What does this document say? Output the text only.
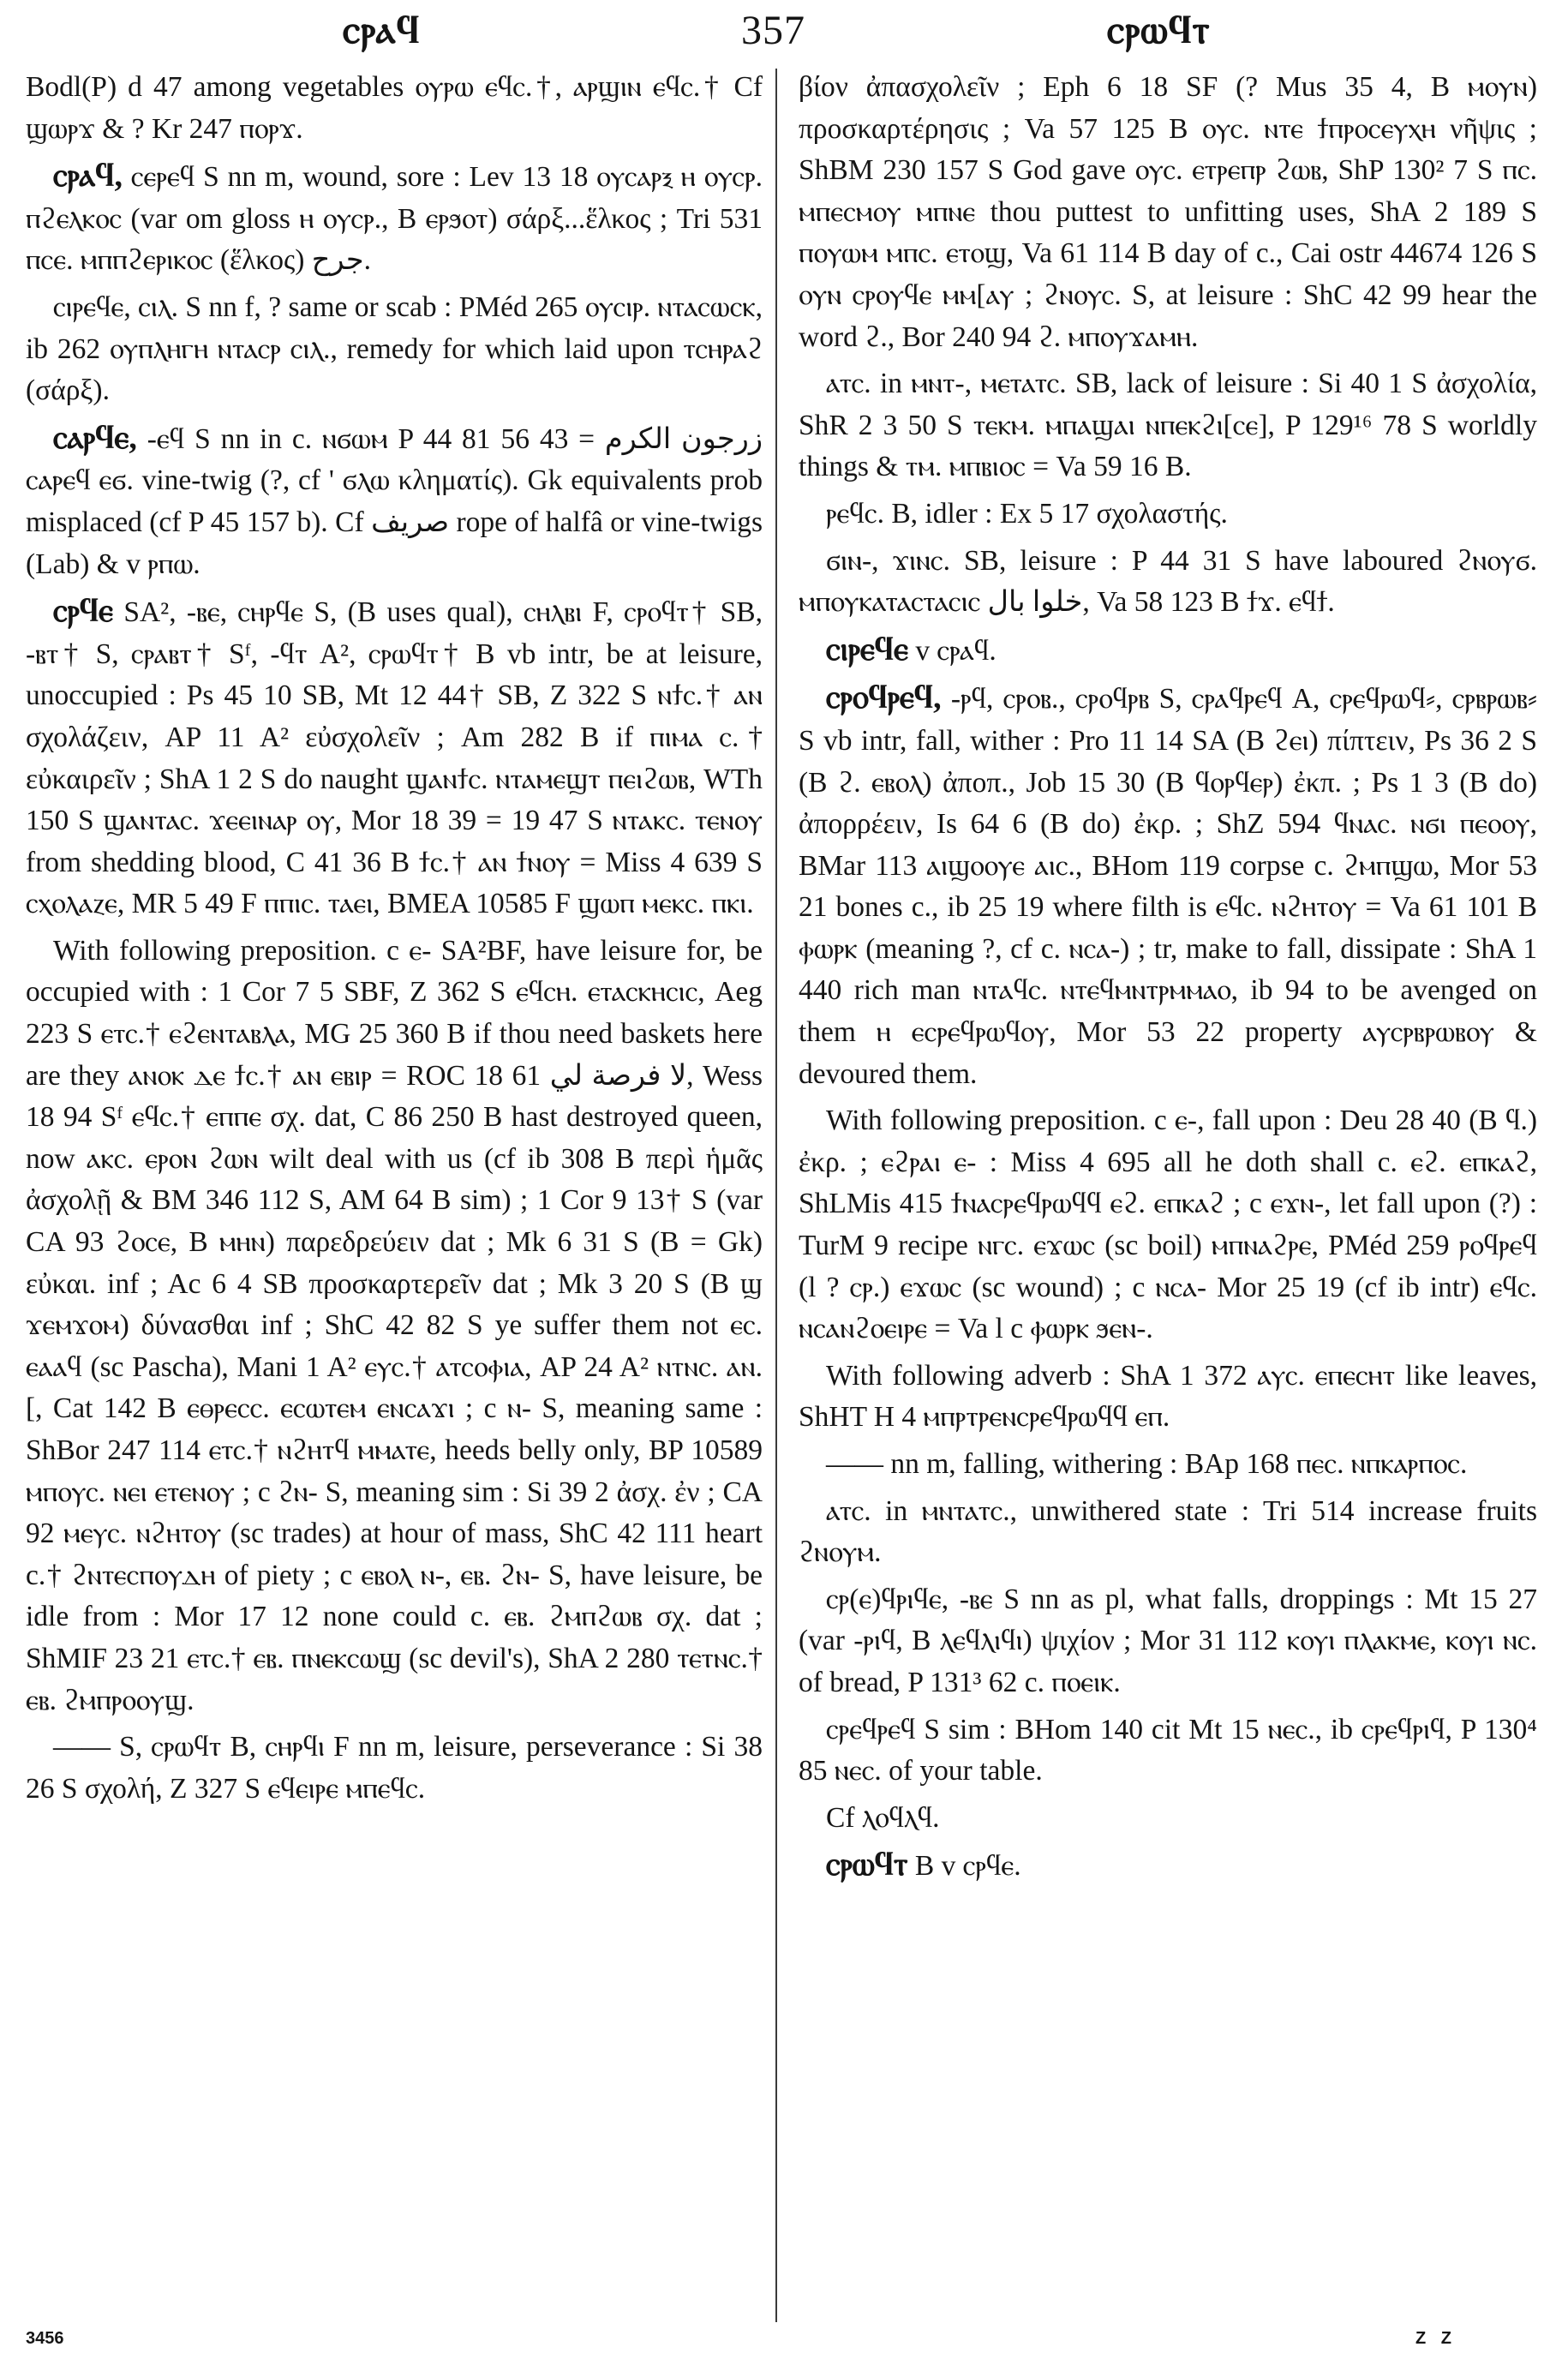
ⲥⲣⲁϥ	357	ⲥⲣⲱϥⲧ

Bodl(P) d 47 among vegetables ⲟⲩⲣⲱ ⲉϥⲥ.†, ⲁⲣϣⲓⲛ ⲉϥⲥ.† Cf ϣⲱⲣϫ & ? Kr 247 ⲡⲟⲣϫ.

ⲥⲣⲁϥ, ⲥⲉⲣⲉϥ S nn m, wound, sore : Lev 13 18 ⲟⲩⲥⲁⲣⲝ ⲏ ⲟⲩⲥⲣ. ⲡϩⲉⲗⲕⲟⲥ (var om gloss ⲏ ⲟⲩⲥⲣ., B ⲉⲣϧⲟⲧ) σάρξ...ἕλκος ; Tri 531 ⲡⲥⲉ. ⲙⲡⲡϩⲉⲣⲓⲕⲟⲥ (ἕλκος) جرح.

ⲥⲓⲣⲉϥⲉ, ⲥⲓⲗ. S nn f, ? same or scab : PMéd 265 ⲟⲩⲥⲓⲣ. ⲛⲧⲁⲥⲱⲥⲕ, ib 262 ⲟⲩⲡⲗⲏⲅⲏ ⲛⲧⲁⲥⲣ ⲥⲓⲗ., remedy for which laid upon ⲧⲥⲏⲣⲁϩ (σάρξ).

ⲥⲁⲣϥⲉ, -ⲉϥ S nn in c. ⲛϭⲱⲙ P 44 81 زرجون الكرم = 43 56 ⲥⲁⲣⲉϥ ⲉϭ. vine-twig (?, cf ' ϭⲗⲱ κληματίς). Gk equivalents prob misplaced (cf P 45 157 b). Cf صريف rope of halfâ or vine-twigs (Lab) & v ⲣⲡⲱ.

ⲥⲣϥⲉ SA², -ⲃⲉ, ⲥⲏⲣϥⲉ S, (B uses qual), ⲥⲏⲗⲃⲓ F, ⲥⲣⲟϥⲧ† SB, -ⲃⲧ† S, ⲥⲣⲁⲃⲧ† Sᶠ, -ϥⲧ A², ⲥⲣⲱϥⲧ† B vb intr, be at leisure, unoccupied : Ps 45 10 SB, Mt 12 44† SB, Z 322 S ⲛϯⲥ.† ⲁⲛ σχολάζειν, AP 11 A² εὐσχολεῖν ; Am 282 B if ⲡⲓⲙⲁ ⲥ.† εὐκαιρεῖν ; ShA 1 2 S do naught ϣⲁⲛϯⲥ. ⲛⲧⲁⲙⲉϣⲧ ⲡⲉⲓϩⲱⲃ, WTh 150 S ϣⲁⲛⲧⲁⲥ. ϫⲉⲉⲓⲛⲁⲣ ⲟⲩ, Mor 18 39 = 19 47 S ⲛⲧⲁⲕⲥ. ⲧⲉⲛⲟⲩ from shedding blood, C 41 36 B ϯⲥ.† ⲁⲛ ϯⲛⲟⲩ = Miss 4 639 S ⲥⲭⲟⲗⲁⲍⲉ, MR 5 49 F ⲡⲡⲓⲥ. ⲧⲁⲉⲓ, BMEA 10585 F ϣⲱⲡ ⲙⲉⲕⲥ. ⲡⲕⲓ.

With following preposition. c ⲉ- SA²BF, have leisure for, be occupied with : 1 Cor 7 5 SBF, Z 362 S ⲉϥⲥⲏ. ⲉⲧⲁⲥⲕⲏⲥⲓⲥ, Aeg 223 S ⲉⲧⲥ.† ⲉϩⲉⲛⲧⲁⲃⲗⲁ, MG 25 360 B if thou need baskets here are they ⲁⲛⲟⲕ ⲇⲉ ϯⲥ.† ⲁⲛ ⲉⲃⲓⲣ = ROC 18 61 لا فرصة لي, Wess 18 94 Sᶠ ⲉϥⲥ.† ⲉⲡⲡⲉ σχ. dat, C 86 250 B hast destroyed queen, now ⲁⲕⲥ. ⲉⲣⲟⲛ ϩⲱⲛ wilt deal with us (cf ib 308 B περὶ ἡμᾶς ἀσχολῇ & BM 346 112 S, AM 64 B sim) ; 1 Cor 9 13† S (var CA 93 ϩⲟⲥⲉ, B ⲙⲏⲛ) παρεδρεύειν dat ; Mk 6 31 S (B = Gk) εὐκαι. inf ; Ac 6 4 SB προσκαρτερεῖν dat ; Mk 3 20 S (B ϣ ϫⲉⲙϫⲟⲙ) δύνασθαι inf ; ShC 42 82 S ye suffer them not ⲉⲥ. ⲉⲁⲁϥ (sc Pascha), Mani 1 A² ⲉⲩⲥ.† ⲁⲧⲥⲟⲫⲓⲁ, AP 24 A² ⲛⲧⲛⲥ. ⲁⲛ.[, Cat 142 B ⲉⲑⲣⲉⲥⲥ. ⲉⲥⲱⲧⲉⲙ ⲉⲛⲥⲁϫⲓ ; c ⲛ- S, meaning same : ShBor 247 114 ⲉⲧⲥ.† ⲛϩⲏⲧϥ ⲙⲙⲁⲧⲉ, heeds belly only, BP 10589 ⲙⲡⲟⲩⲥ. ⲛⲉⲓ ⲉⲧⲉⲛⲟⲩ ; c ϩⲛ- S, meaning sim : Si 39 2 ἀσχ. ἐν ; CA 92 ⲙⲉⲩⲥ. ⲛϩⲏⲧⲟⲩ (sc trades) at hour of mass, ShC 42 111 heart c.† ϩⲛⲧⲉⲥⲡⲟⲩⲇⲏ of piety ; c ⲉⲃⲟⲗ ⲛ-, ⲉⲃ. ϩⲛ- S, have leisure, be idle from : Mor 17 12 none could c. ⲉⲃ. ϩⲙⲡϩⲱⲃ σχ. dat ; ShMIF 23 21 ⲉⲧⲥ.† ⲉⲃ. ⲡⲛⲉⲕⲥⲱϣ (sc devil's), ShA 2 280 ⲧⲉⲧⲛⲥ.† ⲉⲃ. ϩⲙⲡⲣⲟⲟⲩϣ.

—— S, ⲥⲣⲱϥⲧ B, ⲥⲏⲣϥⲓ F nn m, leisure, perseverance : Si 38 26 S σχολή, Z 327 S ⲉϥⲉⲓⲣⲉ ⲙⲡⲉϥⲥ.

βίον ἀπασχολεῖν ; Eph 6 18 SF (? Mus 35 4, B ⲙⲟⲩⲛ) προσκαρτέρησις ; Va 57 125 B ⲟⲩⲥ. ⲛⲧⲉ ϯⲡⲣⲟⲥⲉⲩⲭⲏ νῆψις ; ShBM 230 157 S God gave ⲟⲩⲥ. ⲉⲧⲣⲉⲡⲣ ϩⲱⲃ, ShP 130² 7 S ⲡⲥ. ⲙⲡⲉⲥⲙⲟⲩ ⲙⲡⲛⲉ thou puttest to unfitting uses, ShA 2 189 S ⲡⲟⲩⲱⲙ ⲙⲡⲥ. ⲉⲧⲟϣ, Va 61 114 B day of c., Cai ostr 44674 126 S ⲟⲩⲛ ⲥⲣⲟⲩϥⲉ ⲙⲙ[ⲁⲩ ; ϩⲛⲟⲩⲥ. S, at leisure : ShC 42 99 hear the word ϩ., Bor 240 94 ϩ. ⲙⲡⲟⲩϫⲁⲙⲏ.

ⲁⲧⲥ. in ⲙⲛⲧ-, ⲙⲉⲧⲁⲧⲥ. SB, lack of leisure : Si 40 1 S ἀσχολία, ShR 2 3 50 S ⲧⲉⲕⲙ. ⲙⲡⲁϣⲁⲓ ⲛⲡⲉⲕϩⲓ[ⲥⲉ], P 129¹⁶ 78 S worldly things & ⲧⲙ. ⲙⲡⲃⲓⲟⲥ = Va 59 16 B.

ⲣⲉϥⲥ. B, idler : Ex 5 17 σχολαστής.

ϭⲓⲛ-, ϫⲓⲛⲥ. SB, leisure : P 44 31 S have laboured ϩⲛⲟⲩϭ. ⲙⲡⲟⲩⲕⲁⲧⲁⲥⲧⲁⲥⲓⲥ خلوا بال, Va 58 123 B ϯϫ. ⲉϥϯ.

ⲥⲓⲣⲉϥⲉ v ⲥⲣⲁϥ.

ⲥⲣⲟϥⲣⲉϥ, -ⲣϥ, ⲥⲣⲟⲃ., ⲥⲣⲟϥⲣⲃ S, ⲥⲣⲁϥⲣⲉϥ A, ⲥⲣⲉϥⲣⲱϥ⸗, ⲥⲣⲃⲣⲱⲃ⸗ S vb intr, fall, wither : Pro 11 14 SA (B ϩⲉⲓ) πίπτειν, Ps 36 2 S (B ϩ. ⲉⲃⲟⲗ) ἀποπ., Job 15 30 (B ϥⲟⲣϥⲉⲣ) ἐκπ. ; Ps 1 3 (B do) ἀπορρέειν, Is 64 6 (B do) ἐκρ. ; ShZ 594 ϥⲛⲁⲥ. ⲛϭⲓ ⲡⲉⲟⲟⲩ, BMar 113 ⲁⲓϣⲟⲟⲩⲉ ⲁⲓⲥ., BHom 119 corpse c. ϩⲙⲡϣⲱ, Mor 53 21 bones c., ib 25 19 where filth is ⲉϥⲥ. ⲛϩⲏⲧⲟⲩ = Va 61 101 B ⲫⲱⲣⲕ (meaning ?, cf c. ⲛⲥⲁ-) ; tr, make to fall, dissipate : ShA 1 440 rich man ⲛⲧⲁϥⲥ. ⲛⲧⲉϥⲙⲛⲧⲣⲙⲙⲁⲟ, ib 94 to be avenged on them ⲏ ⲉⲥⲣⲉϥⲣⲱϥⲟⲩ, Mor 53 22 property ⲁⲩⲥⲣⲃⲣⲱⲃⲟⲩ & devoured them.

With following preposition. c ⲉ-, fall upon : Deu 28 40 (B ϥ.) ἐκρ. ; ⲉϩⲣⲁⲓ ⲉ- : Miss 4 695 all he doth shall c. ⲉϩ. ⲉⲡⲕⲁϩ, ShLMis 415 ϯⲛⲁⲥⲣⲉϥⲣⲱϥϥ ⲉϩ. ⲉⲡⲕⲁϩ ; c ⲉϫⲛ-, let fall upon (?) : TurM 9 recipe ⲛⲅⲥ. ⲉϫⲱⲥ (sc boil) ⲙⲡⲛⲁϩⲣⲉ, PMéd 259 ⲣⲟϥⲣⲉϥ (l ? ⲥⲣ.) ⲉϫⲱⲥ (sc wound) ; c ⲛⲥⲁ- Mor 25 19 (cf ib intr) ⲉϥⲥ. ⲛⲥⲁⲛϩⲟⲉⲓⲣⲉ = Va l c ⲫⲱⲣⲕ ϧⲉⲛ-.

With following adverb : ShA 1 372 ⲁⲩⲥ. ⲉⲡⲉⲥⲏⲧ like leaves, ShHT H 4 ⲙⲡⲣⲧⲣⲉⲛⲥⲣⲉϥⲣⲱϥϥ ⲉⲡ.

—— nn m, falling, withering : BAp 168 ⲡⲉⲥ. ⲛⲡⲕⲁⲣⲡⲟⲥ.

ⲁⲧⲥ. in ⲙⲛⲧⲁⲧⲥ., unwithered state : Tri 514 increase fruits ϩⲛⲟⲩⲙ.

ⲥⲣ(ⲉ)ϥⲣⲓϥⲉ, -ⲃⲉ S nn as pl, what falls, droppings : Mt 15 27 (var -ⲣⲓϥ, B ⲗⲉϥⲗⲓϥⲓ) ψιχίον ; Mor 31 112 ⲕⲟⲩⲓ ⲡⲗⲁⲕⲙⲉ, ⲕⲟⲩⲓ ⲛⲥ. of bread, P 131³ 62 c. ⲡⲟⲉⲓⲕ.

ⲥⲣⲉϥⲣⲉϥ S sim : BHom 140 cit Mt 15 ⲛⲉⲥ., ib ⲥⲣⲉϥⲣⲓϥ, P 130⁴ 85 ⲛⲉⲥ. of your table.

Cf ⲗⲟϥⲗϥ.

ⲥⲣⲱϥⲧ B v ⲥⲣϥⲉ.

3456	Z Z
